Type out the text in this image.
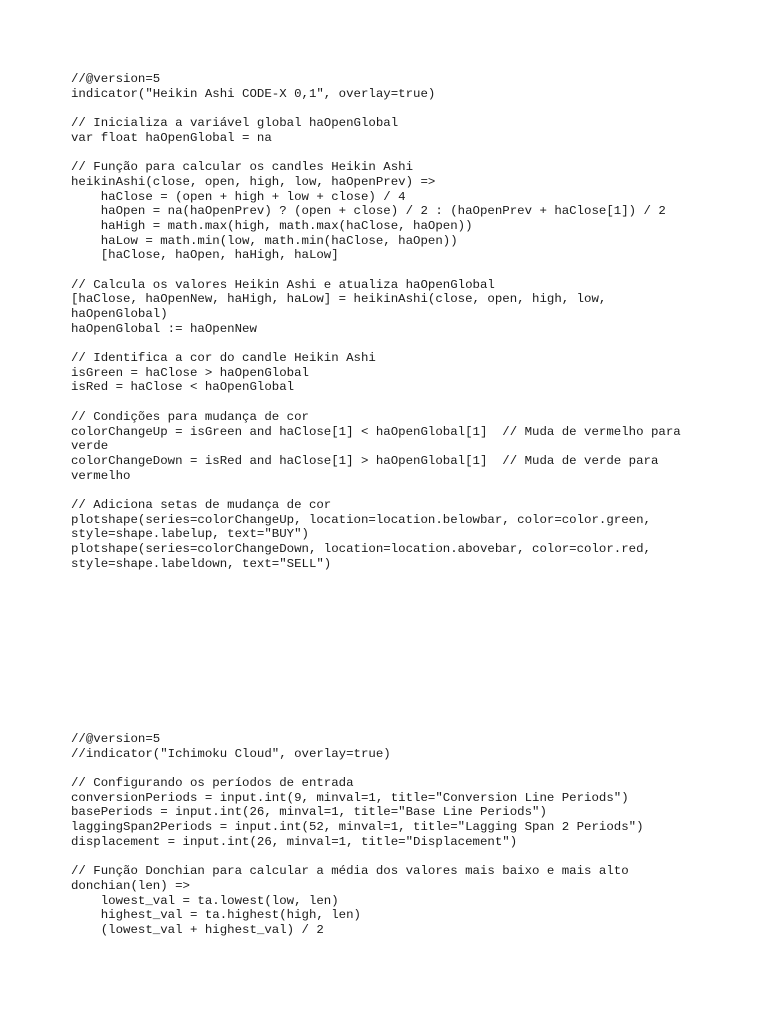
//@version=5
indicator("Heikin Ashi CODE-X 0,1", overlay=true)
// Inicializa a variável global haOpenGlobal
var float haOpenGlobal = na
// Função para calcular os candles Heikin Ashi
heikinAshi(close, open, high, low, haOpenPrev) =>
haClose = (open + high + low + close) / 4
haOpen = na(haOpenPrev) ? (open + close) / 2 : (haOpenPrev + haClose[1]) / 2
haHigh = math.max(high, math.max(haClose, haOpen))
haLow = math.min(low, math.min(haClose, haOpen))
[haClose, haOpen, haHigh, haLow]
// Calcula os valores Heikin Ashi e atualiza haOpenGlobal
[haClose, haOpenNew, haHigh, haLow] = heikinAshi(close, open, high, low,
haOpenGlobal)
haOpenGlobal := haOpenNew
// Identifica a cor do candle Heikin Ashi
isGreen = haClose > haOpenGlobal
isRed = haClose < haOpenGlobal
// Condições para mudança de cor
colorChangeUp = isGreen and haClose[1] < haOpenGlobal[1]  // Muda de vermelho para
verde
colorChangeDown = isRed and haClose[1] > haOpenGlobal[1]  // Muda de verde para
vermelho
// Adiciona setas de mudança de cor
plotshape(series=colorChangeUp, location=location.belowbar, color=color.green,
style=shape.labelup, text="BUY")
plotshape(series=colorChangeDown, location=location.abovebar, color=color.red,
style=shape.labeldown, text="SELL")
//@version=5
//indicator("Ichimoku Cloud", overlay=true)
// Configurando os períodos de entrada
conversionPeriods = input.int(9, minval=1, title="Conversion Line Periods")
basePeriods = input.int(26, minval=1, title="Base Line Periods")
laggingSpan2Periods = input.int(52, minval=1, title="Lagging Span 2 Periods")
displacement = input.int(26, minval=1, title="Displacement")
// Função Donchian para calcular a média dos valores mais baixo e mais alto
donchian(len) =>
lowest_val = ta.lowest(low, len)
highest_val = ta.highest(high, len)
(lowest_val + highest_val) / 2
